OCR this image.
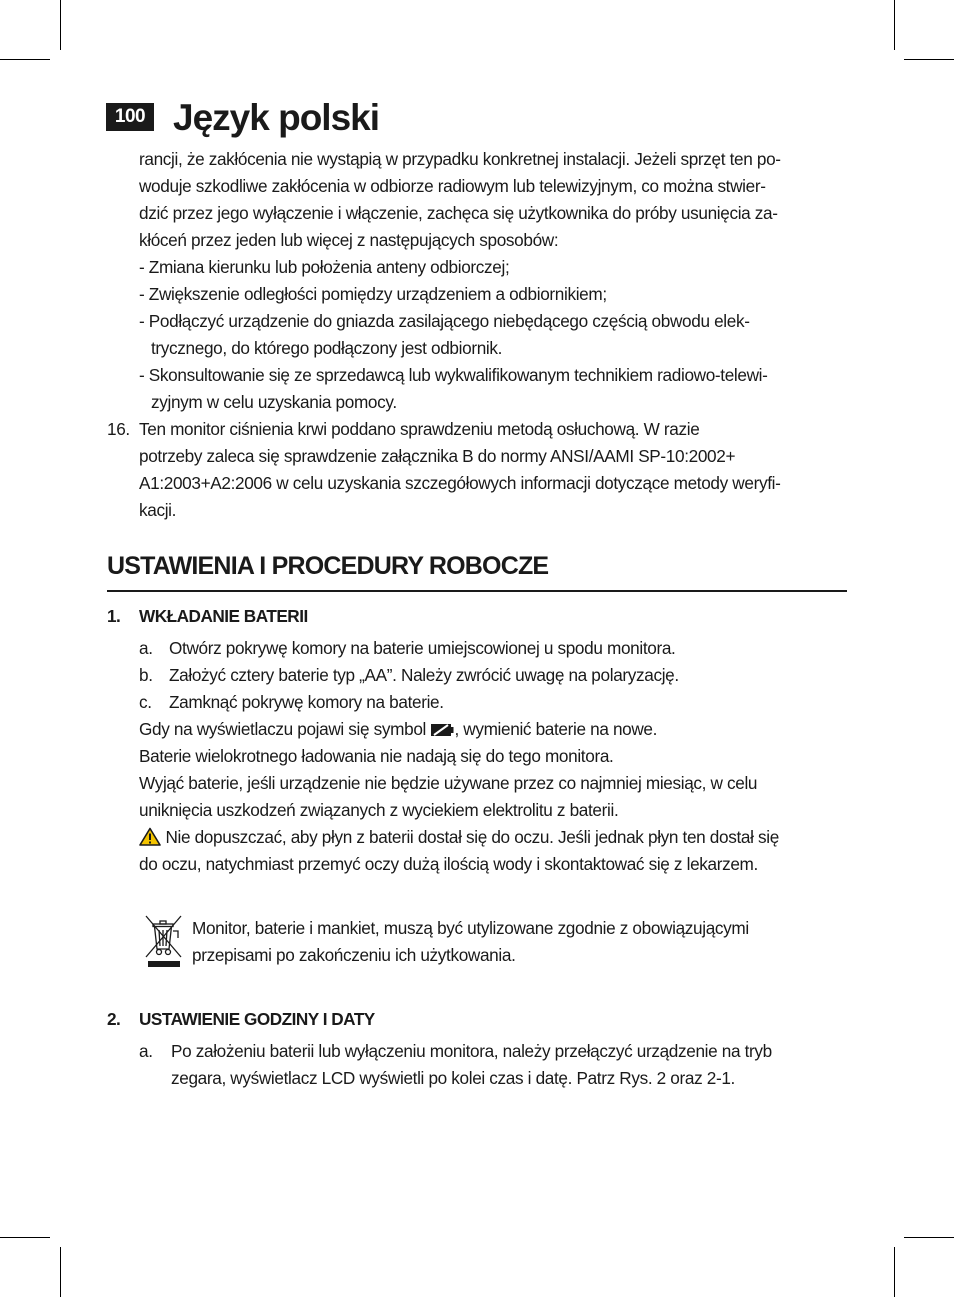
100 Język polski
rancji, że zakłócenia nie wystąpią w przypadku konkretnej instalacji. Jeżeli sprzęt ten po-
woduje szkodliwe zakłócenia w odbiorze radiowym lub telewizyjnym, co można stwier-
dzić przez jego wyłączenie i włączenie, zachęca się użytkownika do próby usunięcia za-
kłóceń przez jeden lub więcej z następujących sposobów:
- Zmiana kierunku lub położenia anteny odbiorczej;
- Zwiększenie odległości pomiędzy urządzeniem a odbiornikiem;
- Podłączyć urządzenie do gniazda zasilającego niebędącego częścią obwodu elek-
trycznego, do którego podłączony jest odbiornik.
- Skonsultowanie się ze sprzedawcą lub wykwalifikowanym technikiem radiowo-telewi-
zyjnym w celu uzyskania pomocy.
16. Ten monitor ciśnienia krwi poddano sprawdzeniu metodą osłuchową. W razie
potrzeby zaleca się sprawdzenie załącznika B do normy ANSI/AAMI SP-10:2002+
A1:2003+A2:2006 w celu uzyskania szczegółowych informacji dotyczące metody weryfi-
kacji.
USTAWIENIA I PROCEDURY ROBOCZE
1. WKŁADANIE BATERII
a. Otwórz pokrywę komory na baterie umiejscowionej u spodu monitora.
b. Założyć cztery baterie typ „AA”. Należy zwrócić uwagę na polaryzację.
c. Zamknąć pokrywę komory na baterie.
Gdy na wyświetlaczu pojawi się symbol , wymienić baterie na nowe.
Baterie wielokrotnego ładowania nie nadają się do tego monitora.
Wyjąć baterie, jeśli urządzenie nie będzie używane przez co najmniej miesiąc, w celu
uniknięcia uszkodzeń związanych z wyciekiem elektrolitu z baterii.
Nie dopuszczać, aby płyn z baterii dostał się do oczu. Jeśli jednak płyn ten dostał się
do oczu, natychmiast przemyć oczy dużą ilością wody i skontaktować się z lekarzem.
Monitor, baterie i mankiet, muszą być utylizowane zgodnie z obowiązującymi
przepisami po zakończeniu ich użytkowania.
2. USTAWIENIE GODZINY I DATY
a. Po założeniu baterii lub wyłączeniu monitora, należy przełączyć urządzenie na tryb
zegara, wyświetlacz LCD wyświetli po kolei czas i datę. Patrz Rys. 2 oraz 2-1.
